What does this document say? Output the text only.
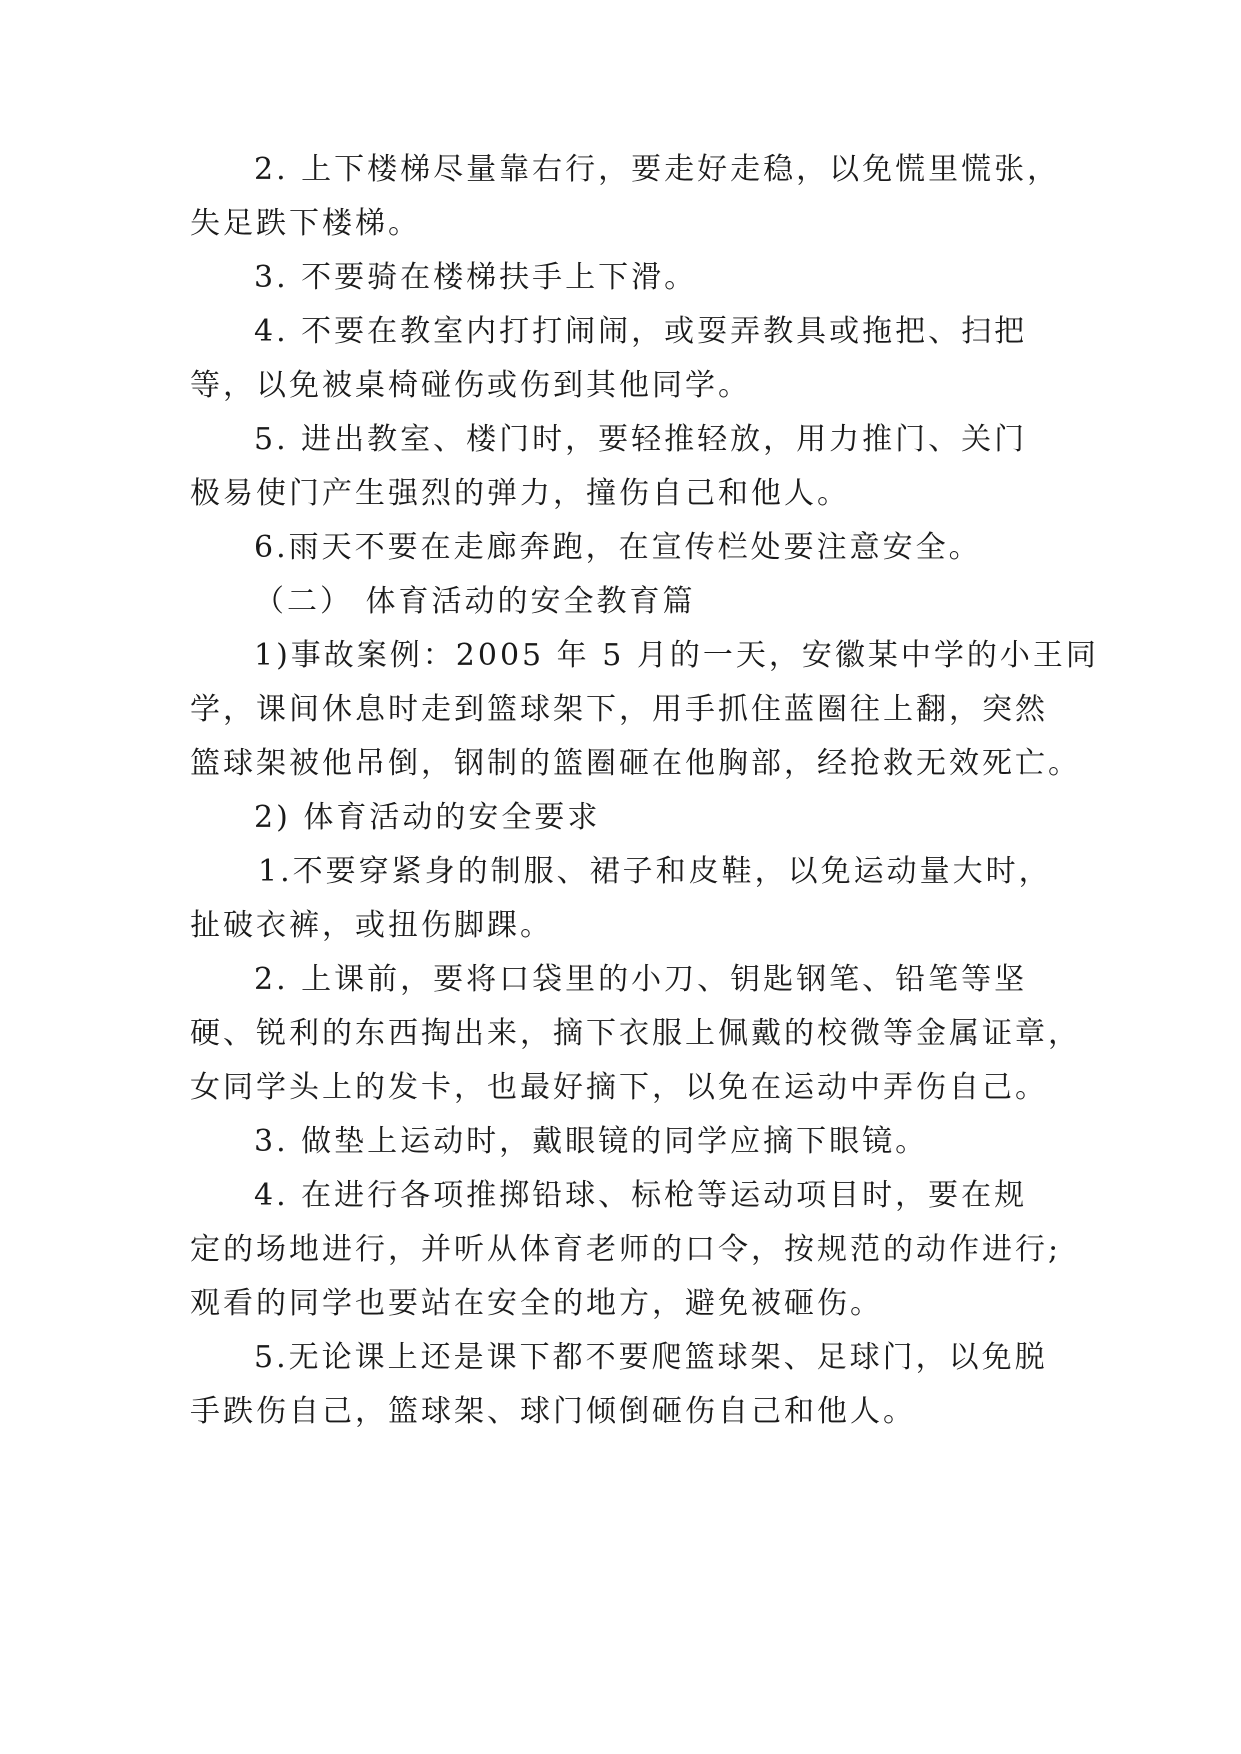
2. 上下楼梯尽量靠右行，要走好走稳，以免慌里慌张，
失足跌下楼梯。
3. 不要骑在楼梯扶手上下滑。
4. 不要在教室内打打闹闹，或耍弄教具或拖把、扫把
等，以免被桌椅碰伤或伤到其他同学。
5. 进出教室、楼门时，要轻推轻放，用力推门、关门
极易使门产生强烈的弹力，撞伤自己和他人。
6.雨天不要在走廊奔跑，在宣传栏处要注意安全。
（二） 体育活动的安全教育篇
1)事故案例：2005 年 5 月的一天，安徽某中学的小王同
学，课间休息时走到篮球架下，用手抓住蓝圈往上翻，突然
篮球架被他吊倒，钢制的篮圈砸在他胸部，经抢救无效死亡。
2) 体育活动的安全要求
1.不要穿紧身的制服、裙子和皮鞋，以免运动量大时，
扯破衣裤，或扭伤脚踝。
2. 上课前，要将口袋里的小刀、钥匙钢笔、铅笔等坚
硬、锐利的东西掏出来，摘下衣服上佩戴的校微等金属证章，
女同学头上的发卡，也最好摘下，以免在运动中弄伤自己。
3. 做垫上运动时，戴眼镜的同学应摘下眼镜。
4. 在进行各项推掷铅球、标枪等运动项目时，要在规
定的场地进行，并听从体育老师的口令，按规范的动作进行;
观看的同学也要站在安全的地方，避免被砸伤。
5.无论课上还是课下都不要爬篮球架、足球门，以免脱
手跌伤自己，篮球架、球门倾倒砸伤自己和他人。
